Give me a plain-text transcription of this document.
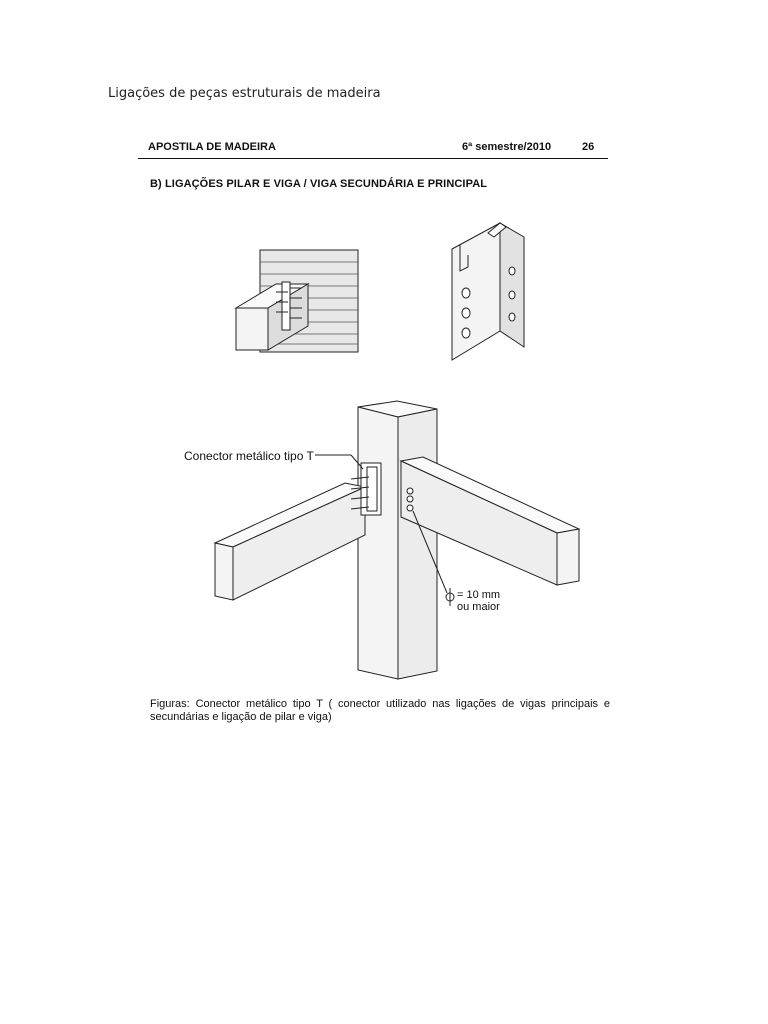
Ligações de peças estruturais de madeira
APOSTILA DE MADEIRA	6ª semestre/2010	26
B) LIGAÇÕES PILAR E VIGA / VIGA SECUNDÁRIA E PRINCIPAL
Conector metálico tipo T
= 10 mm
ou maior
Figuras: Conector metálico tipo T ( conector utilizado nas ligações de vigas principais e secundárias e ligação de pilar e viga)
